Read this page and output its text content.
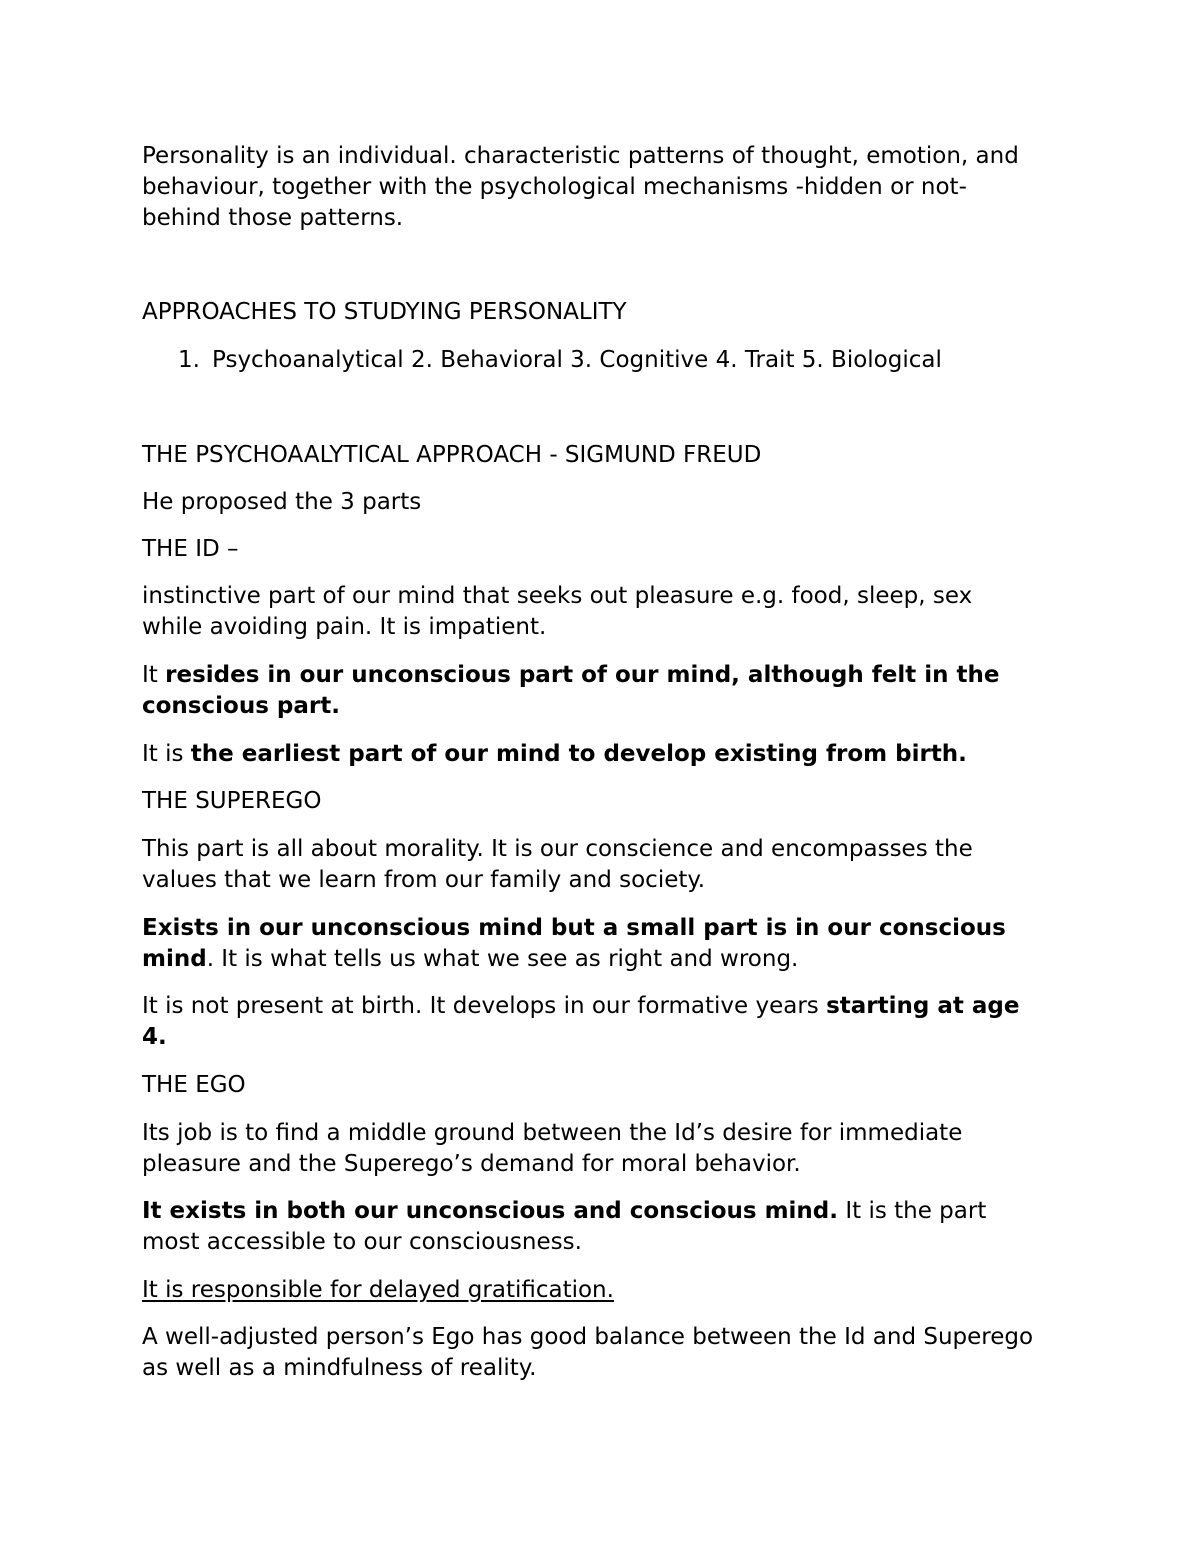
Personality is an individual. characteristic patterns of thought, emotion, and
behaviour, together with the psychological mechanisms -hidden or not-
behind those patterns.

APPROACHES TO STUDYING PERSONALITY

1. Psychoanalytical 2. Behavioral 3. Cognitive 4. Trait 5. Biological

THE PSYCHOAALYTICAL APPROACH - SIGMUND FREUD

He proposed the 3 parts

THE ID –

instinctive part of our mind that seeks out pleasure e.g. food, sleep, sex
while avoiding pain. It is impatient.

It resides in our unconscious part of our mind, although felt in the
conscious part.

It is the earliest part of our mind to develop existing from birth.

THE SUPEREGO

This part is all about morality. It is our conscience and encompasses the
values that we learn from our family and society.

Exists in our unconscious mind but a small part is in our conscious
mind. It is what tells us what we see as right and wrong.

It is not present at birth. It develops in our formative years starting at age
4.

THE EGO

Its job is to find a middle ground between the Id’s desire for immediate
pleasure and the Superego’s demand for moral behavior.

It exists in both our unconscious and conscious mind. It is the part
most accessible to our consciousness.

It is responsible for delayed gratification.

A well-adjusted person’s Ego has good balance between the Id and Superego
as well as a mindfulness of reality.
